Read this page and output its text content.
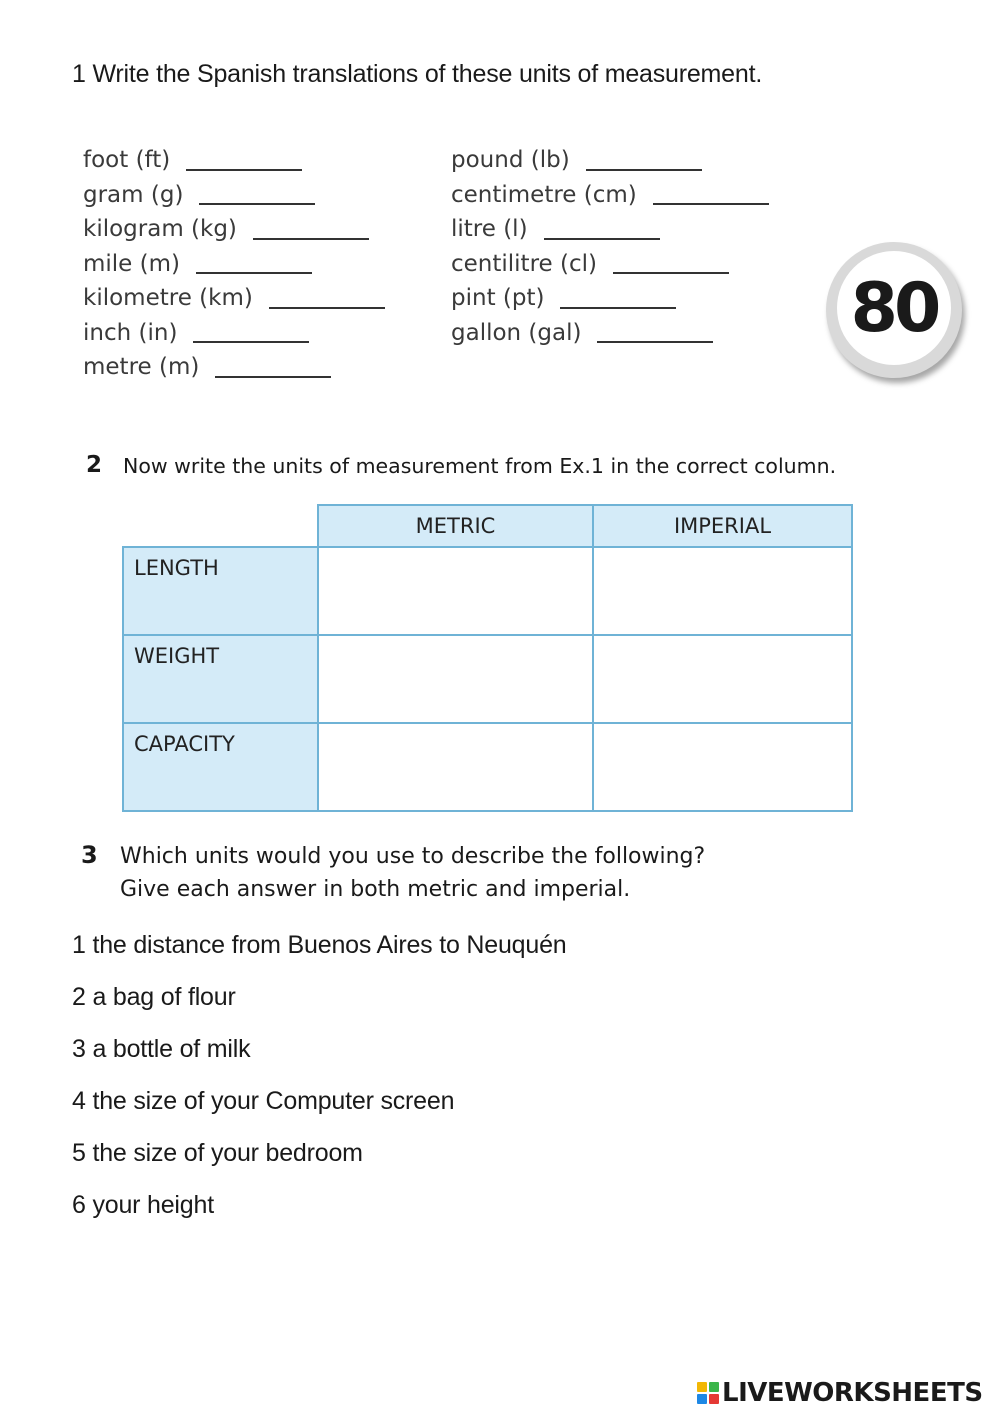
1 Write the Spanish translations of these units of measurement.
foot (ft)
gram (g)
kilogram (kg)
mile (m)
kilometre (km)
inch (in)
metre (m)
pound (lb)
centimetre (cm)
litre (l)
centilitre (cl)
pint (pt)
gallon (gal)	80
2 Now write the units of measurement from Ex.1 in the correct column.
	METRIC	IMPERIAL
LENGTH		
WEIGHT		
CAPACITY		
3 Which units would you use to describe the following?
Give each answer in both metric and imperial.
1 the distance from Buenos Aires to Neuquén
2 a bag of flour
3 a bottle of milk
4 the size of your Computer screen
5 the size of your bedroom
6 your height
LIVEWORKSHEETS
